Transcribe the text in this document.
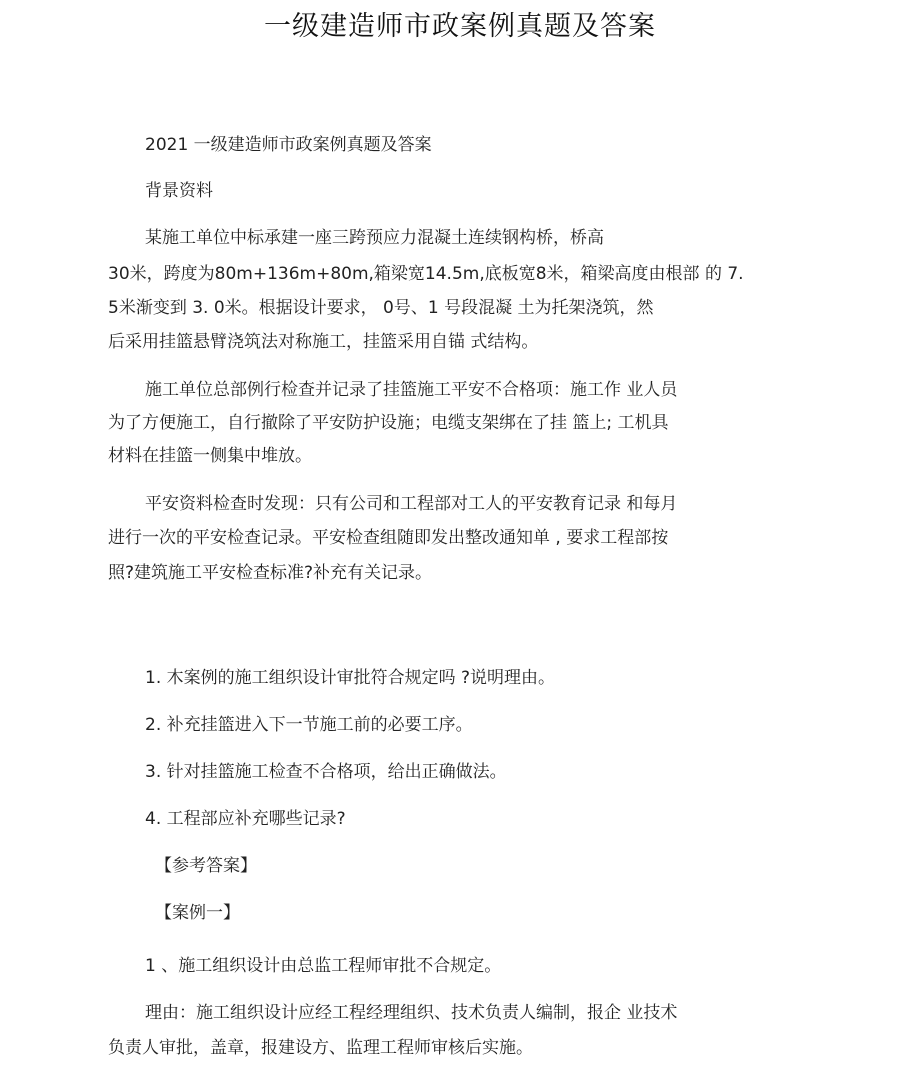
一级建造师市政案例真题及答案
2021 一级建造师市政案例真题及答案
背景资料
某施工单位中标承建一座三跨预应力混凝土连续钢构桥，桥高
30米，跨度为80m+136m+80m,箱梁宽14.5m,底板宽8米，箱梁高度由根部 的 7.
5米渐变到 3. 0米。根据设计要求， 0号、1 号段混凝 土为托架浇筑，然
后采用挂篮悬臂浇筑法对称施工，挂篮采用自锚 式结构。
施工单位总部例行检查并记录了挂篮施工平安不合格项：施工作 业人员
为了方便施工，自行撤除了平安防护设施；电缆支架绑在了挂 篮上; 工机具
材料在挂篮一侧集中堆放。
平安资料检查时发现：只有公司和工程部对工人的平安教育记录 和每月
进行一次的平安检查记录。平安检查组随即发出整改通知单 , 要求工程部按
照?建筑施工平安检查标准?补充有关记录。
1. 木案例的施工组织设计审批符合规定吗 ?说明理由。
2. 补充挂篮进入下一节施工前的必要工序。
3. 针对挂篮施工检查不合格项，给出正确做法。
4. 工程部应补充哪些记录?
【参考答案】
【案例一】
1 、施工组织设计由总监工程师审批不合规定。
理由：施工组织设计应经工程经理组织、技术负责人编制，报企 业技术
负责人审批，盖章，报建设方、监理工程师审核后实施。
